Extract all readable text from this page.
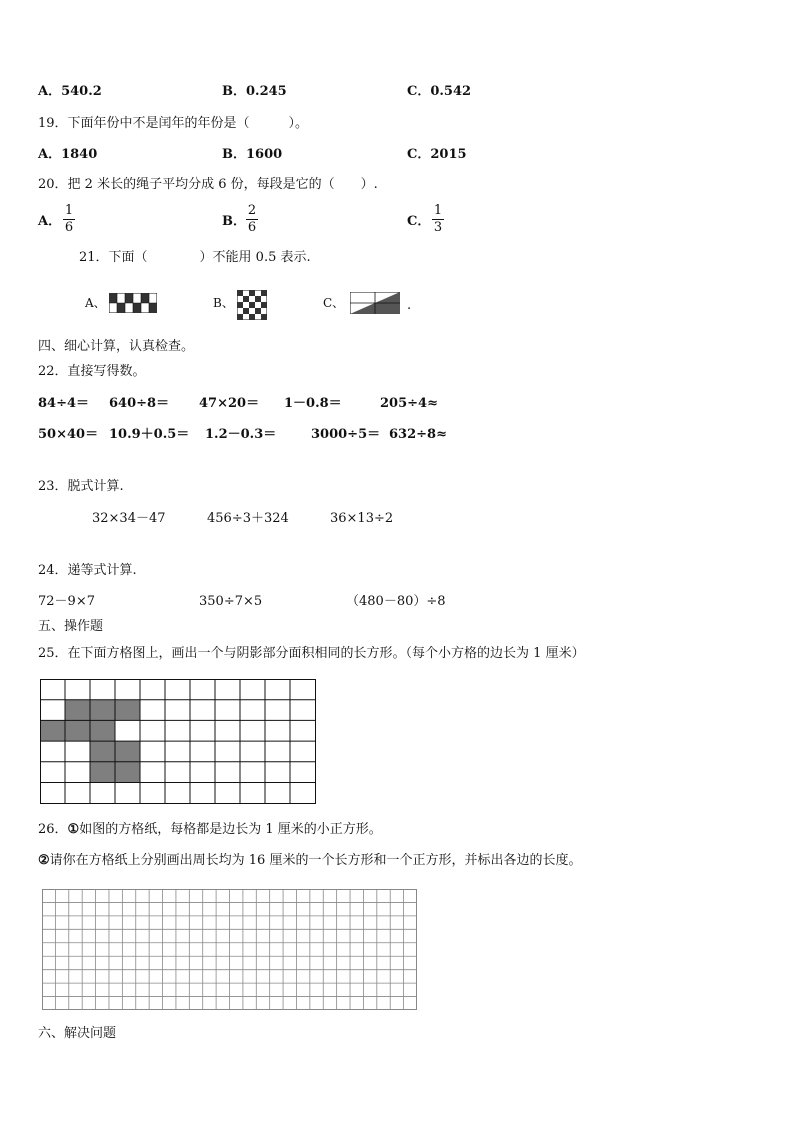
A．540.2	B．0.245	C．0.542
19．下面年份中不是闰年的年份是（　　　）。
A．1840	B．1600	C．2015
20．把 2 米长的绳子平均分成 6 份，每段是它的（　　）.
A．
1
6	B．
2
6	C．
1
3
21．下面（　　　　）不能用 0.5 表示.
A、	B、	C、	.
四、细心计算，认真检查。
22．直接写得数。
84÷4＝ 640÷8＝ 47×20＝ 1－0.8＝	205÷4≈
50×40＝ 10.9＋0.5＝ 1.2－0.3＝	3000÷5＝ 632÷8≈
23．脱式计算.
32×34－47	456÷3＋324	36×13÷2
24．递等式计算.
72－9×7	350÷7×5	（480－80）÷8
五、操作题
25．在下面方格图上，画出一个与阴影部分面积相同的长方形。（每个小方格的边长为 1 厘米）
26．①如图的方格纸，每格都是边长为 1 厘米的小正方形。
②请你在方格纸上分别画出周长均为 16 厘米的一个长方形和一个正方形，并标出各边的长度。
六、解决问题
